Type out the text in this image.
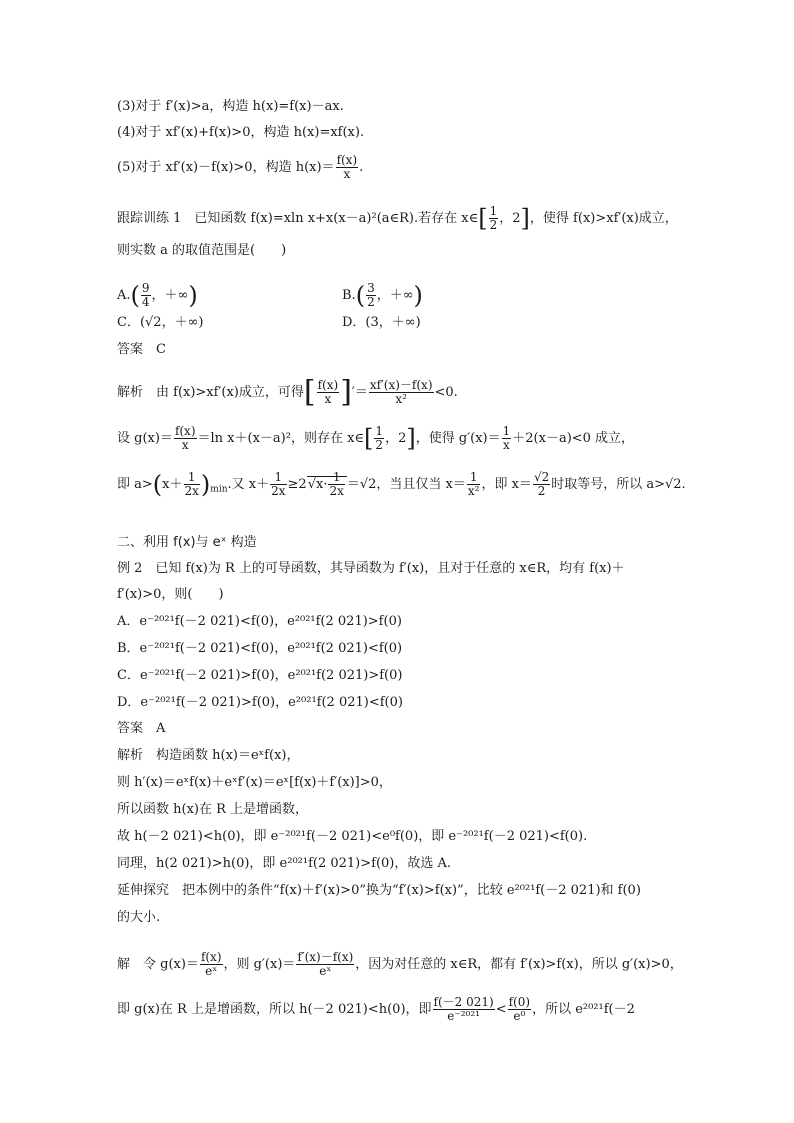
(3)对于 f′(x)>a，构造 h(x)=f(x)－ax.
(4)对于 xf′(x)+f(x)>0，构造 h(x)=xf(x).
(5)对于 xf′(x)－f(x)>0，构造 $h(x)= \frac{f(x)}{x}$ .
跟踪训练 1　已知函数 f(x)=xln x+x(x－a)²(a∈R).若存在 x∈[ $\frac{1}{2}$ ，2]，使得 f(x)>xf′(x)成立，
则实数 a 的取值范围是(　　)
$A.( \frac{9}{4}$ ，＋∞)	$B.( \frac{3}{2}$ ，＋∞)
C．(√2，＋∞)	D．(3，＋∞)
答案　C
解析　由 f(x)>xf′(x)成立，可得[ $\frac{f(x)}{x}$ ]′＝ $\frac{xf'(x)-f(x)}{\text{x²}} <0$.
设 $g(x)= \frac{f(x)}{x} =\ln$ x＋(x－a)²，则存在 x∈[ $\frac{1}{2}$ ，2]，使得 $g'(x)= \frac{1}{x} +2(x-a)<0$ 成立，
即 $a>(x+ \frac{1}{2x} )_{min}$.又 $x+ \frac{1}{2x} \ge 2√x\cdot \frac{1}{2x} =√2$，当且仅当 $x= \frac{1}{\text{x²}}$ ，即 $x= \frac{√2}{2}$ 时取等号，所以 a>√2.
二、利用 f(x)与 eˣ 构造
例 2　已知 f(x)为 R 上的可导函数，其导函数为 f′(x)，且对于任意的 x∈R，均有 f(x)＋
f′(x)>0，则(　　)
A．e⁻²⁰²¹f(－2 021)<f(0)，e²⁰²¹f(2 021)>f(0)
B．e⁻²⁰²¹f(－2 021)<f(0)，e²⁰²¹f(2 021)<f(0)
C．e⁻²⁰²¹f(－2 021)>f(0)，e²⁰²¹f(2 021)>f(0)
D．e⁻²⁰²¹f(－2 021)>f(0)，e²⁰²¹f(2 021)<f(0)
答案　A
解析　构造函数 h(x)＝eˣf(x)，
则 h′(x)＝eˣf(x)＋eˣf′(x)＝eˣ[f(x)＋f′(x)]>0，
所以函数 h(x)在 R 上是增函数，
故 h(－2 021)<h(0)，即 e⁻²⁰²¹f(－2 021)<e⁰f(0)，即 e⁻²⁰²¹f(－2 021)<f(0).
同理，h(2 021)>h(0)，即 e²⁰²¹f(2 021)>f(0)，故选 A.
延伸探究　把本例中的条件“f(x)＋f′(x)>0”换为“f′(x)>f(x)”，比较 e²⁰²¹f(－2 021)和 f(0)
的大小.
解　令 $g(x)= \frac{f(x)}{\text{eˣ}}$ ，则 $g'(x)= \frac{f'(x)-f(x)}{\text{eˣ}}$ ，因为对任意的 x∈R，都有 f′(x)>f(x)，所以 g′(x)>0，
即 g(x)在 R 上是增函数，所以 h(－2 021)<h(0)，即 $\frac{f(-2 021)}{\text{e⁻²⁰²¹}} < \frac{f(0)}{\text{e⁰}}$ ，所以 e²⁰²¹f(－2
